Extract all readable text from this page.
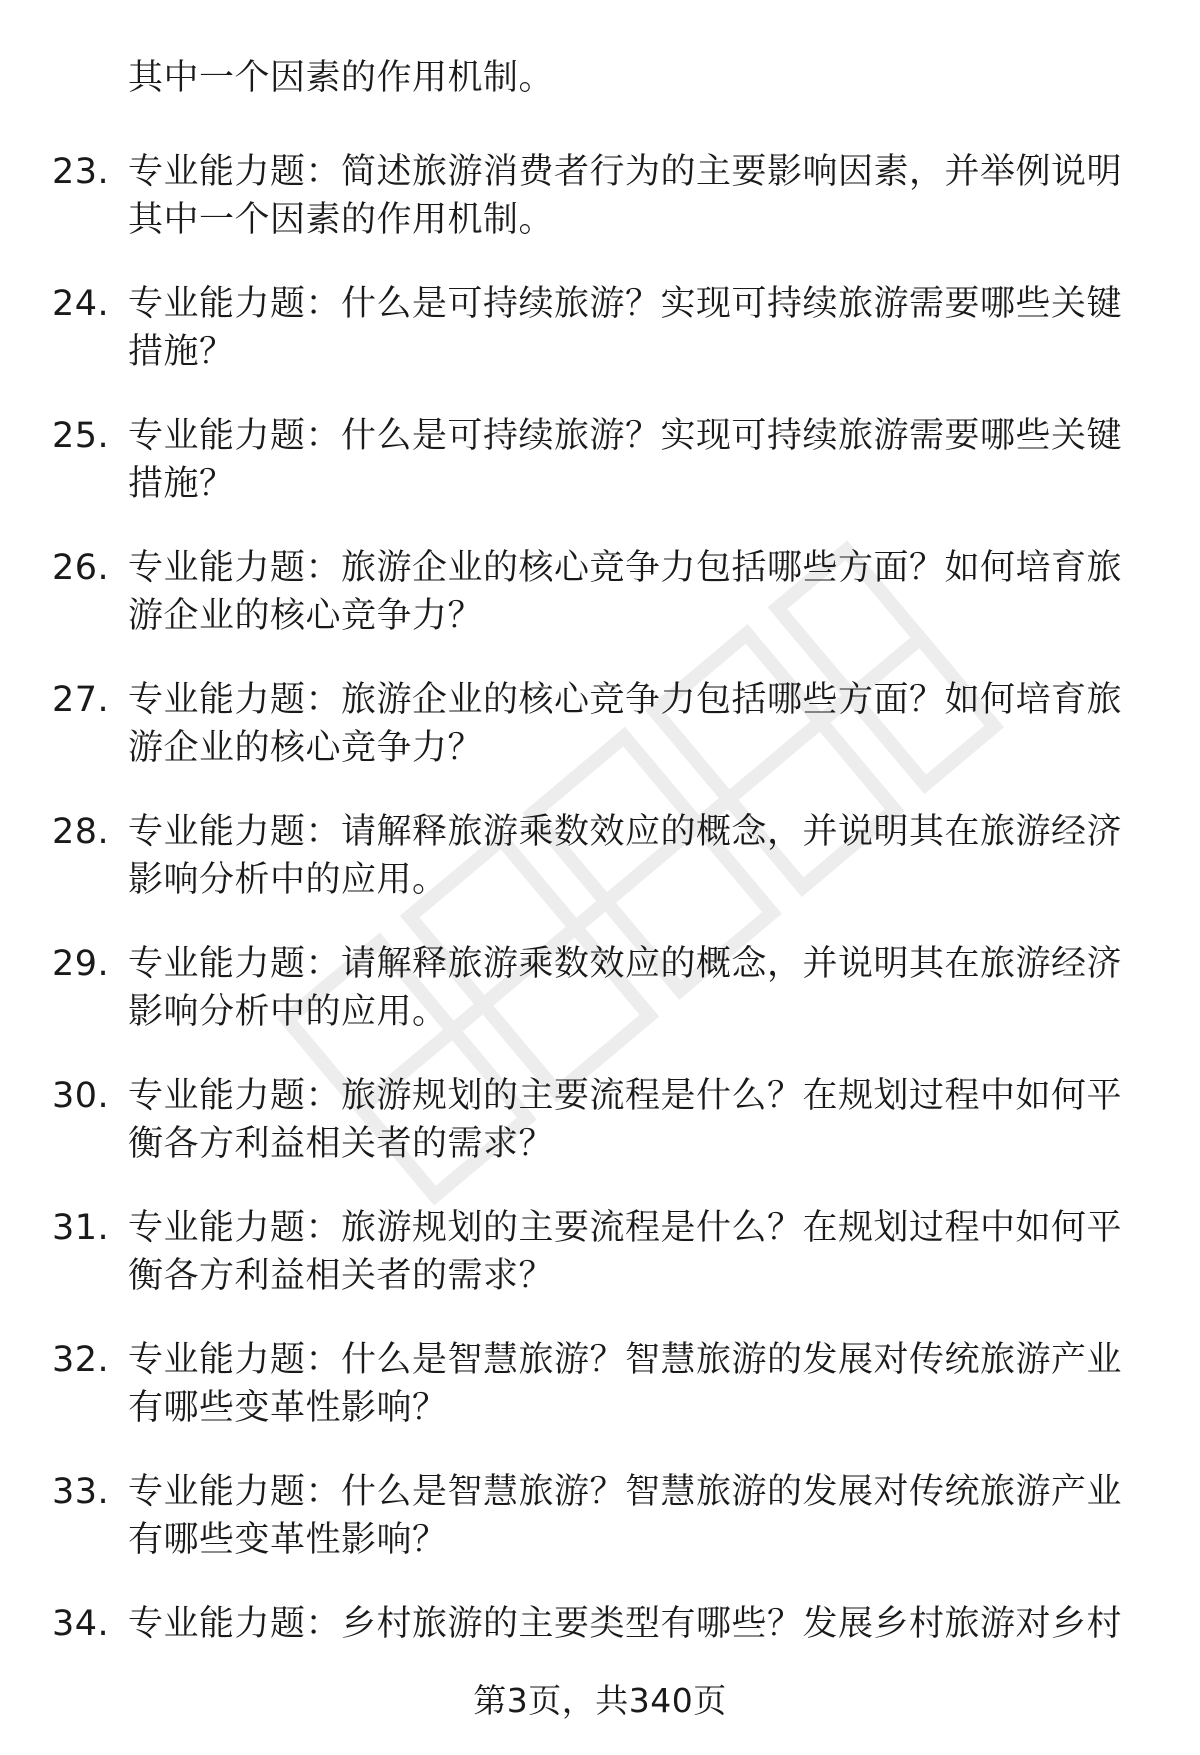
其中一个因素的作用机制。
23. 专业能力题：简述旅游消费者行为的主要影响因素，并举例说明其中一个因素的作用机制。
24. 专业能力题：什么是可持续旅游？实现可持续旅游需要哪些关键措施？
25. 专业能力题：什么是可持续旅游？实现可持续旅游需要哪些关键措施？
26. 专业能力题：旅游企业的核心竞争力包括哪些方面？如何培育旅游企业的核心竞争力？
27. 专业能力题：旅游企业的核心竞争力包括哪些方面？如何培育旅游企业的核心竞争力？
28. 专业能力题：请解释旅游乘数效应的概念，并说明其在旅游经济影响分析中的应用。
29. 专业能力题：请解释旅游乘数效应的概念，并说明其在旅游经济影响分析中的应用。
30. 专业能力题：旅游规划的主要流程是什么？在规划过程中如何平衡各方利益相关者的需求？
31. 专业能力题：旅游规划的主要流程是什么？在规划过程中如何平衡各方利益相关者的需求？
32. 专业能力题：什么是智慧旅游？智慧旅游的发展对传统旅游产业有哪些变革性影响？
33. 专业能力题：什么是智慧旅游？智慧旅游的发展对传统旅游产业有哪些变革性影响？
34. 专业能力题：乡村旅游的主要类型有哪些？发展乡村旅游对乡村
第3页，共340页
